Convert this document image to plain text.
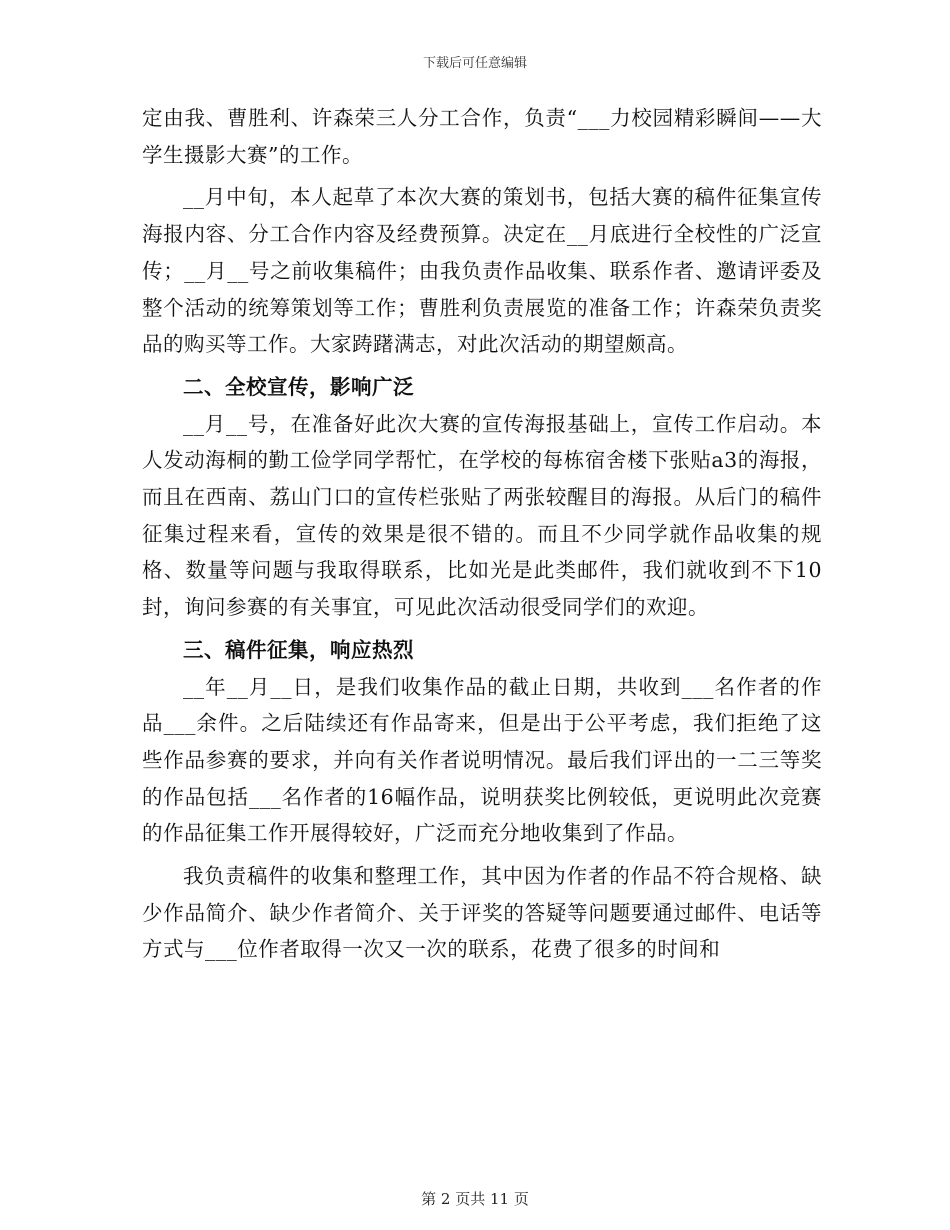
下载后可任意编辑

定由我、曹胜利、许森荣三人分工合作，负责“___力校园精彩瞬间——大学生摄影大赛”的工作。

__月中旬，本人起草了本次大赛的策划书，包括大赛的稿件征集宣传海报内容、分工合作内容及经费预算。决定在__月底进行全校性的广泛宣传；__月__号之前收集稿件；由我负责作品收集、联系作者、邀请评委及整个活动的统筹策划等工作；曹胜利负责展览的准备工作；许森荣负责奖品的购买等工作。大家踌躇满志，对此次活动的期望颇高。

二、全校宣传，影响广泛

__月__号，在准备好此次大赛的宣传海报基础上，宣传工作启动。本人发动海桐的勤工俭学同学帮忙，在学校的每栋宿舍楼下张贴a3的海报，而且在西南、荔山门口的宣传栏张贴了两张较醒目的海报。从后门的稿件征集过程来看，宣传的效果是很不错的。而且不少同学就作品收集的规格、数量等问题与我取得联系，比如光是此类邮件，我们就收到不下10封，询问参赛的有关事宜，可见此次活动很受同学们的欢迎。

三、稿件征集，响应热烈

__年__月__日，是我们收集作品的截止日期，共收到___名作者的作品___余件。之后陆续还有作品寄来，但是出于公平考虑，我们拒绝了这些作品参赛的要求，并向有关作者说明情况。最后我们评出的一二三等奖的作品包括___名作者的16幅作品，说明获奖比例较低，更说明此次竞赛的作品征集工作开展得较好，广泛而充分地收集到了作品。

我负责稿件的收集和整理工作，其中因为作者的作品不符合规格、缺少作品简介、缺少作者简介、关于评奖的答疑等问题要通过邮件、电话等方式与___位作者取得一次又一次的联系，花费了很多的时间和

第 2 页共 11 页
